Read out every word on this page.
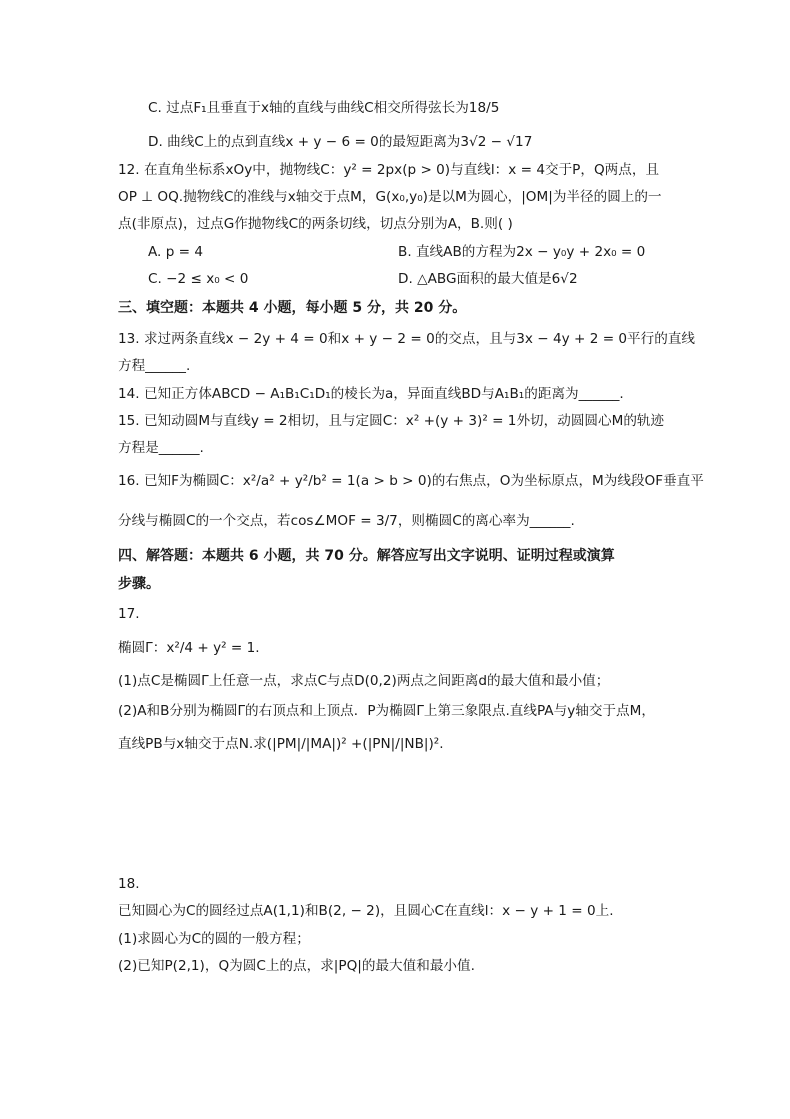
C. 过点F₁且垂直于x轴的直线与曲线C相交所得弦长为18/5
D. 曲线C上的点到直线x + y − 6 = 0的最短距离为3√2 − √17
12. 在直角坐标系xOy中，抛物线C：y² = 2px(p > 0)与直线l：x = 4交于P，Q两点，且
OP ⊥ OQ.抛物线C的准线与x轴交于点M，G(x₀,y₀)是以M为圆心，|OM|为半径的圆上的一
点(非原点)，过点G作抛物线C的两条切线，切点分别为A，B.则( )
A. p = 4	B. 直线AB的方程为2x − y₀y + 2x₀ = 0
C. −2 ≤ x₀ < 0	D. △ABG面积的最大值是6√2
三、填空题：本题共 4 小题，每小题 5 分，共 20 分。
13. 求过两条直线x − 2y + 4 = 0和x + y − 2 = 0的交点，且与3x − 4y + 2 = 0平行的直线
方程______.
14. 已知正方体ABCD − A₁B₁C₁D₁的棱长为a，异面直线BD与A₁B₁的距离为______.
15. 已知动圆M与直线y = 2相切，且与定圆C：x² +(y + 3)² = 1外切，动圆圆心M的轨迹
方程是______.
16. 已知F为椭圆C：x²/a² + y²/b² = 1(a > b > 0)的右焦点，O为坐标原点，M为线段OF垂直平
分线与椭圆C的一个交点，若cos∠MOF = 3/7，则椭圆C的离心率为______.
四、解答题：本题共 6 小题，共 70 分。解答应写出文字说明、证明过程或演算
步骤。
17.
椭圆Γ：x²/4 + y² = 1.
(1)点C是椭圆Γ上任意一点，求点C与点D(0,2)两点之间距离d的最大值和最小值；
(2)A和B分别为椭圆Γ的右顶点和上顶点．P为椭圆Γ上第三象限点.直线PA与y轴交于点M，
直线PB与x轴交于点N.求(|PM|/|MA|)² +(|PN|/|NB|)².
18.
已知圆心为C的圆经过点A(1,1)和B(2, − 2)，且圆心C在直线l：x − y + 1 = 0上.
(1)求圆心为C的圆的一般方程；
(2)已知P(2,1)，Q为圆C上的点，求|PQ|的最大值和最小值.
